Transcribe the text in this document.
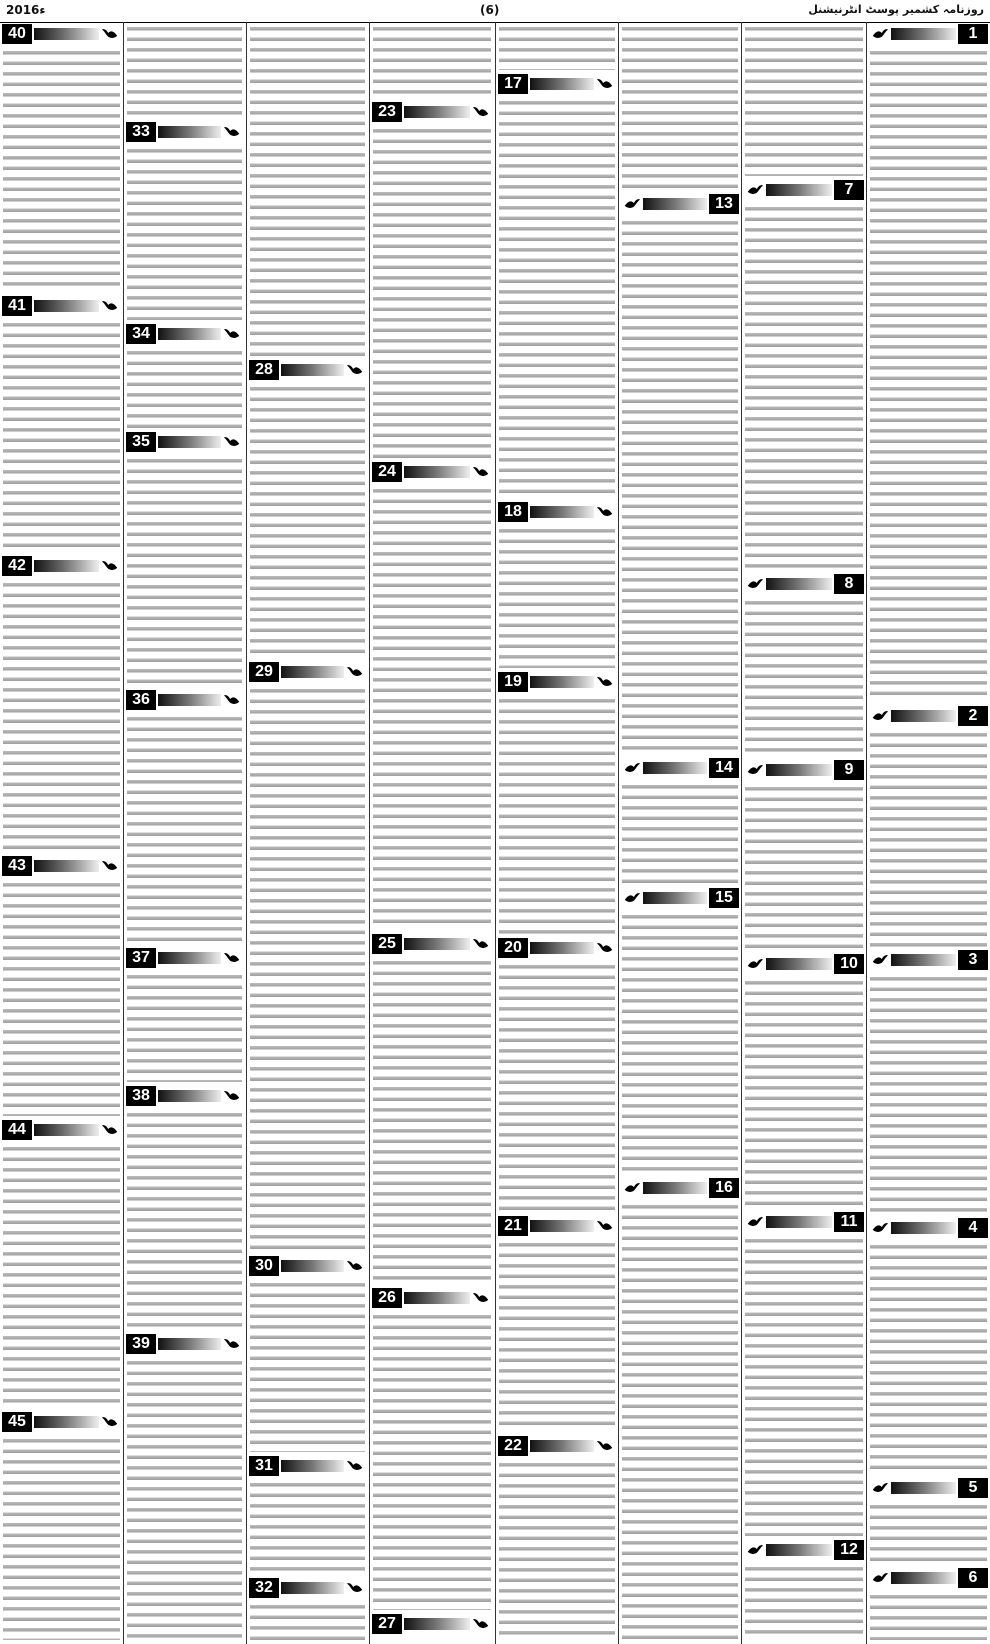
2016ء	(6)	روزنامہ کشمیر پوسٹ انٹرنیشنل
1
2
3
4
5
6
7
8
9
10
11
12
13
14
15
16
17
18
19
20
21
22
23
24
25
26
27
28
29
30
31
32
33
34
35
36
37
38
39
40
41
42
43
44
45
